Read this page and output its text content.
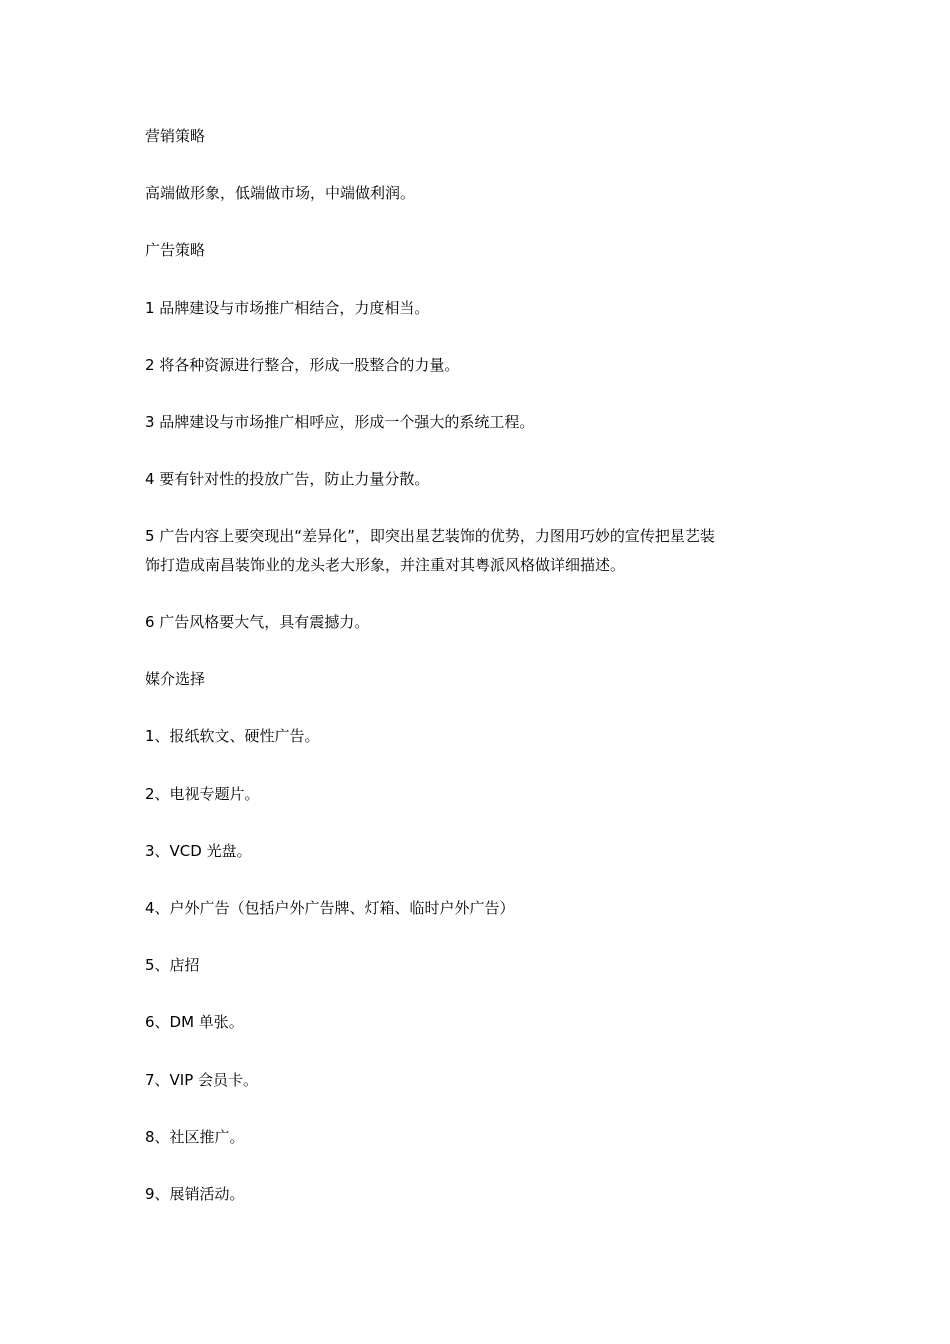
营销策略

高端做形象，低端做市场，中端做利润。

广告策略

1 品牌建设与市场推广相结合，力度相当。

2 将各种资源进行整合，形成一股整合的力量。

3 品牌建设与市场推广相呼应，形成一个强大的系统工程。

4 要有针对性的投放广告，防止力量分散。

5 广告内容上要突现出“差异化”，即突出星艺装饰的优势，力图用巧妙的宣传把星艺装
饰打造成南昌装饰业的龙头老大形象，并注重对其粤派风格做详细描述。

6 广告风格要大气，具有震撼力。

媒介选择

1、报纸软文、硬性广告。

2、电视专题片。

3、VCD 光盘。

4、户外广告（包括户外广告牌、灯箱、临时户外广告）

5、店招

6、DM 单张。

7、VIP 会员卡。

8、社区推广。

9、展销活动。
